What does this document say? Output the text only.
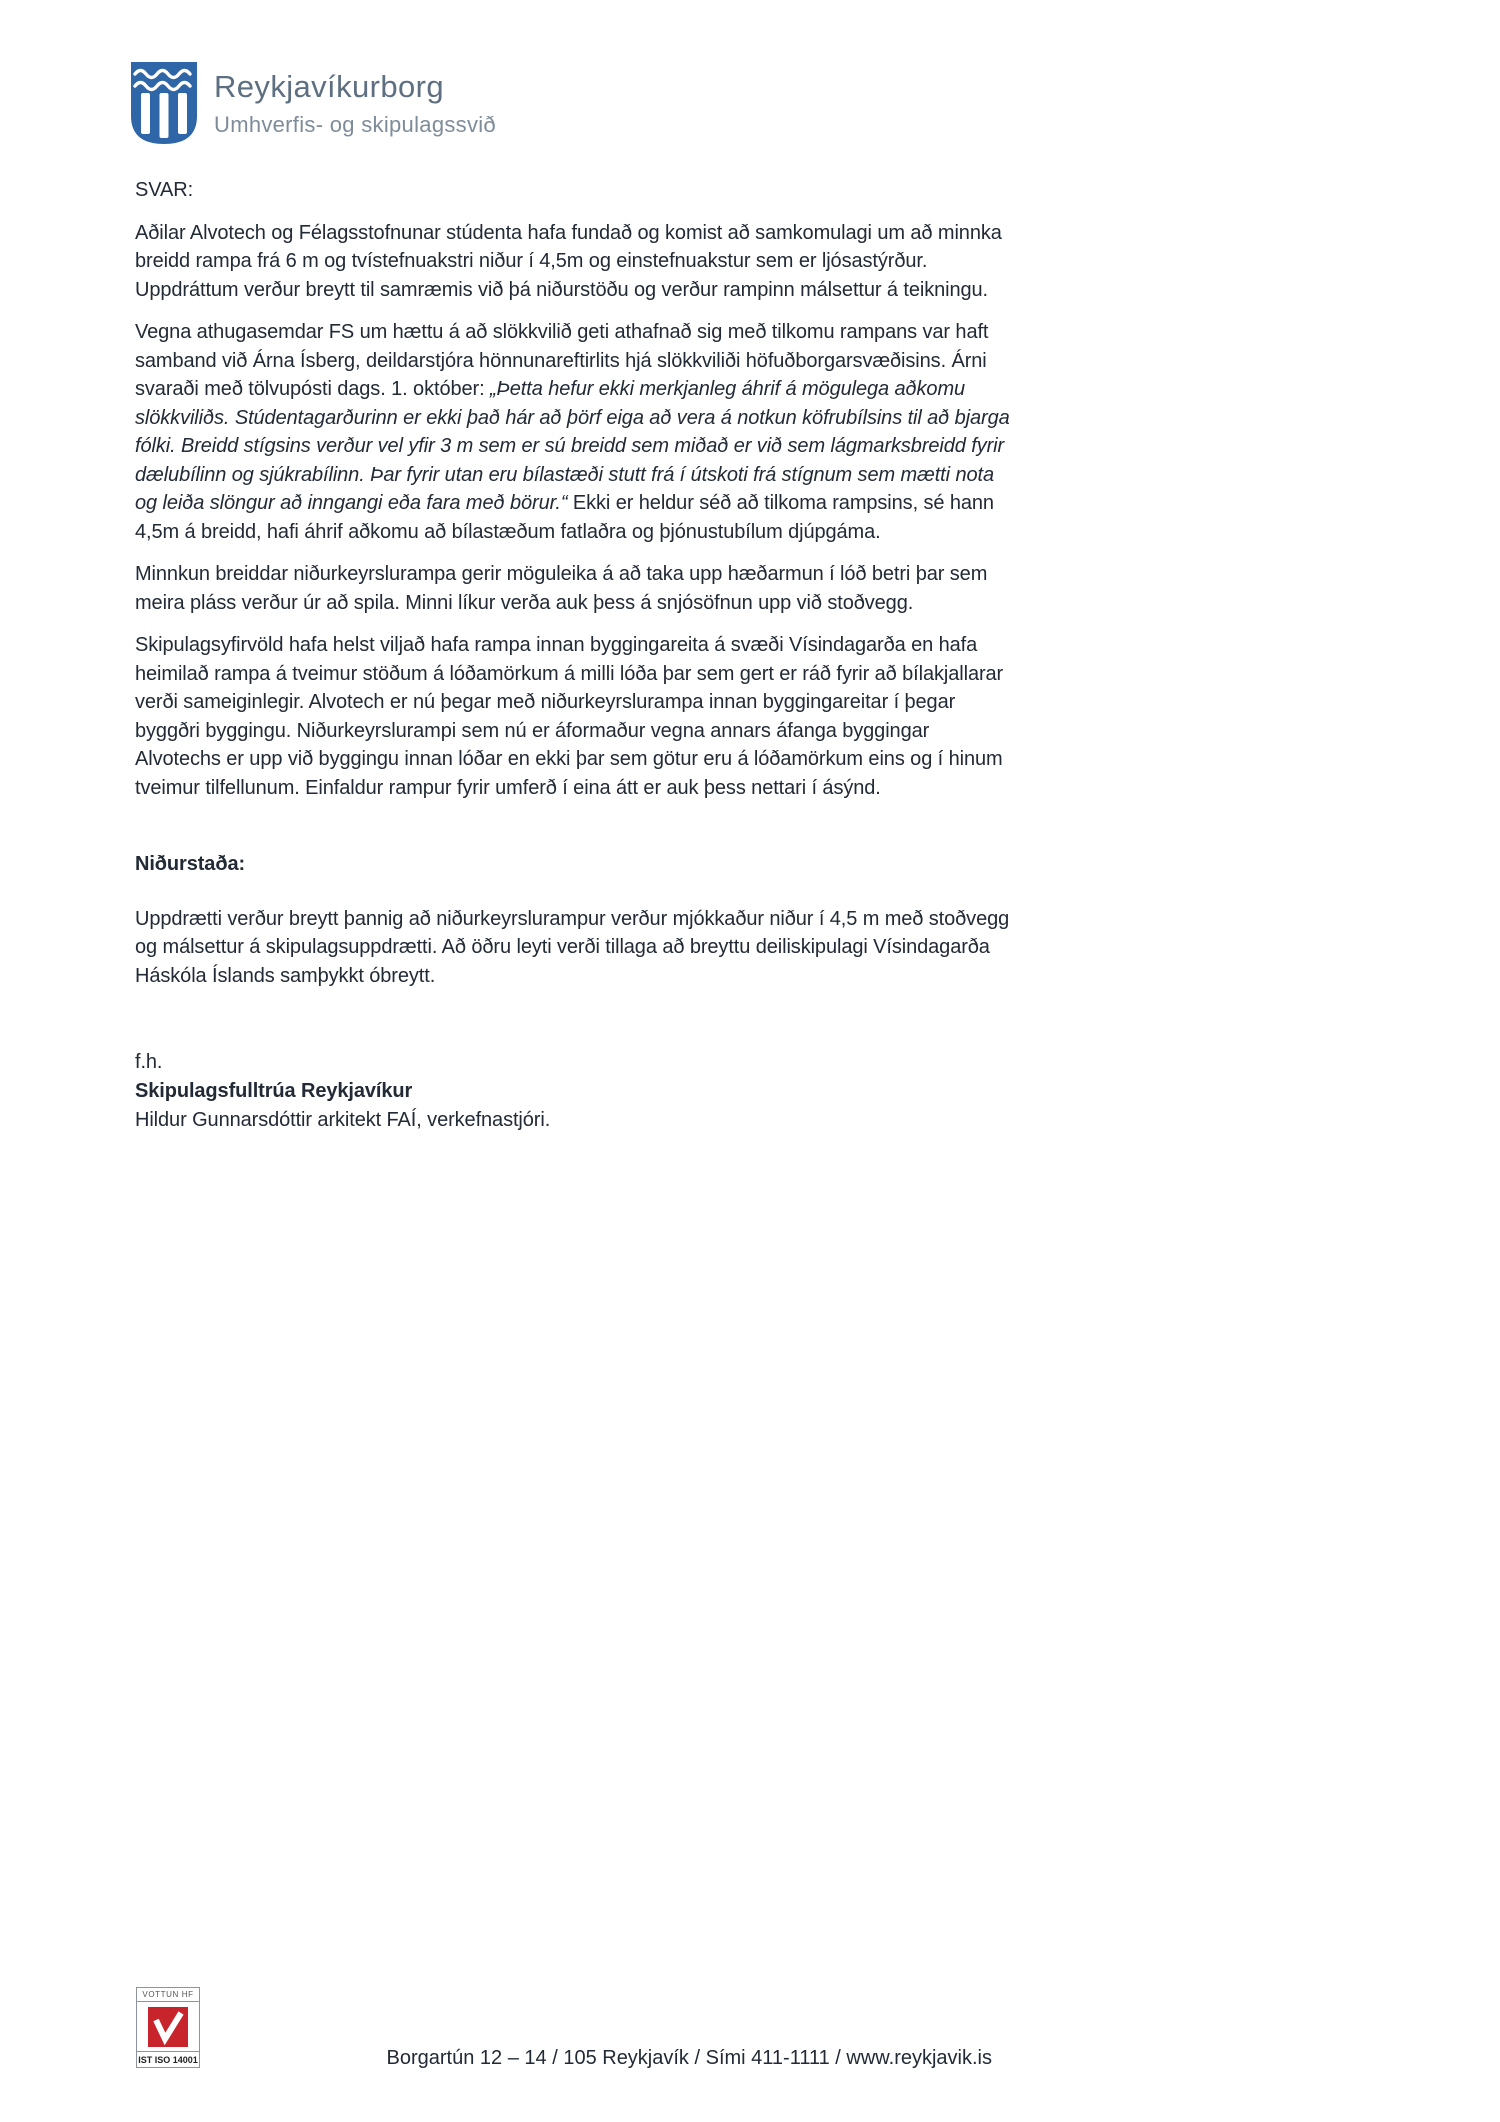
Reykjavíkurborg
Umhverfis- og skipulagssvið

SVAR:

Aðilar Alvotech og Félagsstofnunar stúdenta hafa fundað og komist að samkomulagi um að minnka breidd rampa frá 6 m og tvístefnuakstri niður í 4,5m og einstefnuakstur sem er ljósastýrður. Uppdráttum verður breytt til samræmis við þá niðurstöðu og verður rampinn málsettur á teikningu.

Vegna athugasemdar FS um hættu á að slökkvilið geti athafnað sig með tilkomu rampans var haft samband við Árna Ísberg, deildarstjóra hönnunareftirlits hjá slökkviliði höfuðborgarsvæðisins. Árni svaraði með tölvupósti dags. 1. október: „Þetta hefur ekki merkjanleg áhrif á mögulega aðkomu slökkviliðs. Stúdentagarðurinn er ekki það hár að þörf eiga að vera á notkun köfrubílsins til að bjarga fólki. Breidd stígsins verður vel yfir 3 m sem er sú breidd sem miðað er við sem lágmarksbreidd fyrir dælubílinn og sjúkrabílinn. Þar fyrir utan eru bílastæði stutt frá í útskoti frá stígnum sem mætti nota og leiða slöngur að inngangi eða fara með börur.“ Ekki er heldur séð að tilkoma rampsins, sé hann 4,5m á breidd, hafi áhrif aðkomu að bílastæðum fatlaðra og þjónustubílum djúpgáma.

Minnkun breiddar niðurkeyrslurampa gerir möguleika á að taka upp hæðarmun í lóð betri þar sem meira pláss verður úr að spila. Minni líkur verða auk þess á snjósöfnun upp við stoðvegg.

Skipulagsyfirvöld hafa helst viljað hafa rampa innan byggingareita á svæði Vísindagarða en hafa heimilað rampa á tveimur stöðum á lóðamörkum á milli lóða þar sem gert er ráð fyrir að bílakjallarar verði sameiginlegir. Alvotech er nú þegar með niðurkeyrslurampa innan byggingareitar í þegar byggðri byggingu. Niðurkeyrslurampi sem nú er áformaður vegna annars áfanga byggingar Alvotechs er upp við byggingu innan lóðar en ekki þar sem götur eru á lóðamörkum eins og í hinum tveimur tilfellunum. Einfaldur rampur fyrir umferð í eina átt er auk þess nettari í ásýnd.

Niðurstaða:

Uppdrætti verður breytt þannig að niðurkeyrslurampur verður mjókkaður niður í 4,5 m með stoðvegg og málsettur á skipulagsuppdrætti. Að öðru leyti verði tillaga að breyttu deiliskipulagi Vísindagarða Háskóla Íslands samþykkt óbreytt.

f.h.
Skipulagsfulltrúa Reykjavíkur
Hildur Gunnarsdóttir arkitekt FAÍ, verkefnastjóri.
VOTTUN HF
IST ISO 14001	Borgartún 12 – 14 / 105 Reykjavík / Sími 411-1111 / www.reykjavik.is
